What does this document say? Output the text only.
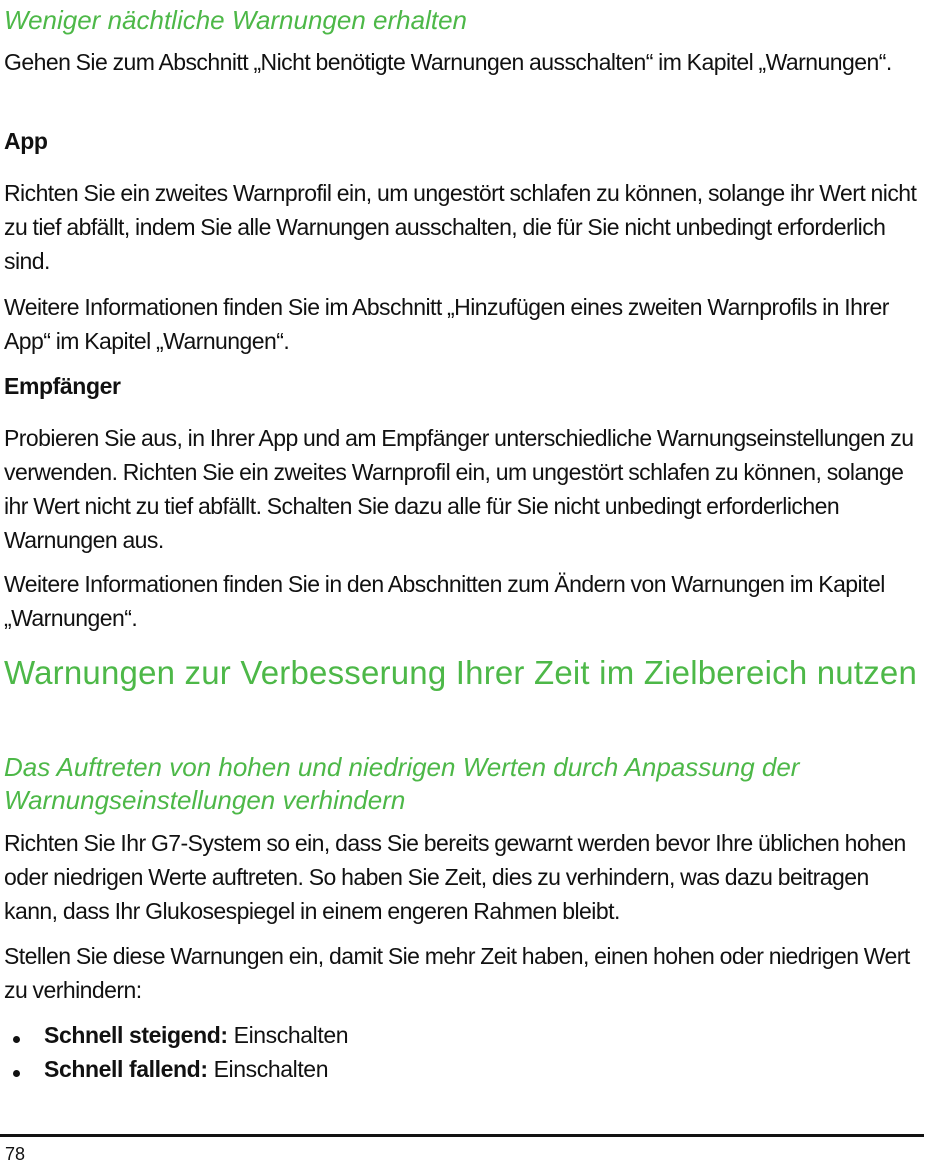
Weniger nächtliche Warnungen erhalten

Gehen Sie zum Abschnitt „Nicht benötigte Warnungen ausschalten“ im Kapitel „Warnungen“.

App

Richten Sie ein zweites Warnprofil ein, um ungestört schlafen zu können, solange ihr Wert nicht zu tief abfällt, indem Sie alle Warnungen ausschalten, die für Sie nicht unbedingt erforderlich sind.

Weitere Informationen finden Sie im Abschnitt „Hinzufügen eines zweiten Warnprofils in Ihrer App“ im Kapitel „Warnungen“.

Empfänger

Probieren Sie aus, in Ihrer App und am Empfänger unterschiedliche Warnungseinstellungen zu verwenden. Richten Sie ein zweites Warnprofil ein, um ungestört schlafen zu können, solange ihr Wert nicht zu tief abfällt. Schalten Sie dazu alle für Sie nicht unbedingt erforderlichen Warnungen aus.

Weitere Informationen finden Sie in den Abschnitten zum Ändern von Warnungen im Kapitel „Warnungen“.

Warnungen zur Verbesserung Ihrer Zeit im Zielbereich nutzen

Das Auftreten von hohen und niedrigen Werten durch Anpassung der Warnungseinstellungen verhindern

Richten Sie Ihr G7-System so ein, dass Sie bereits gewarnt werden bevor Ihre üblichen hohen oder niedrigen Werte auftreten. So haben Sie Zeit, dies zu verhindern, was dazu beitragen kann, dass Ihr Glukosespiegel in einem engeren Rahmen bleibt.

Stellen Sie diese Warnungen ein, damit Sie mehr Zeit haben, einen hohen oder niedrigen Wert zu verhindern:

Schnell steigend: Einschalten
Schnell fallend: Einschalten
78
